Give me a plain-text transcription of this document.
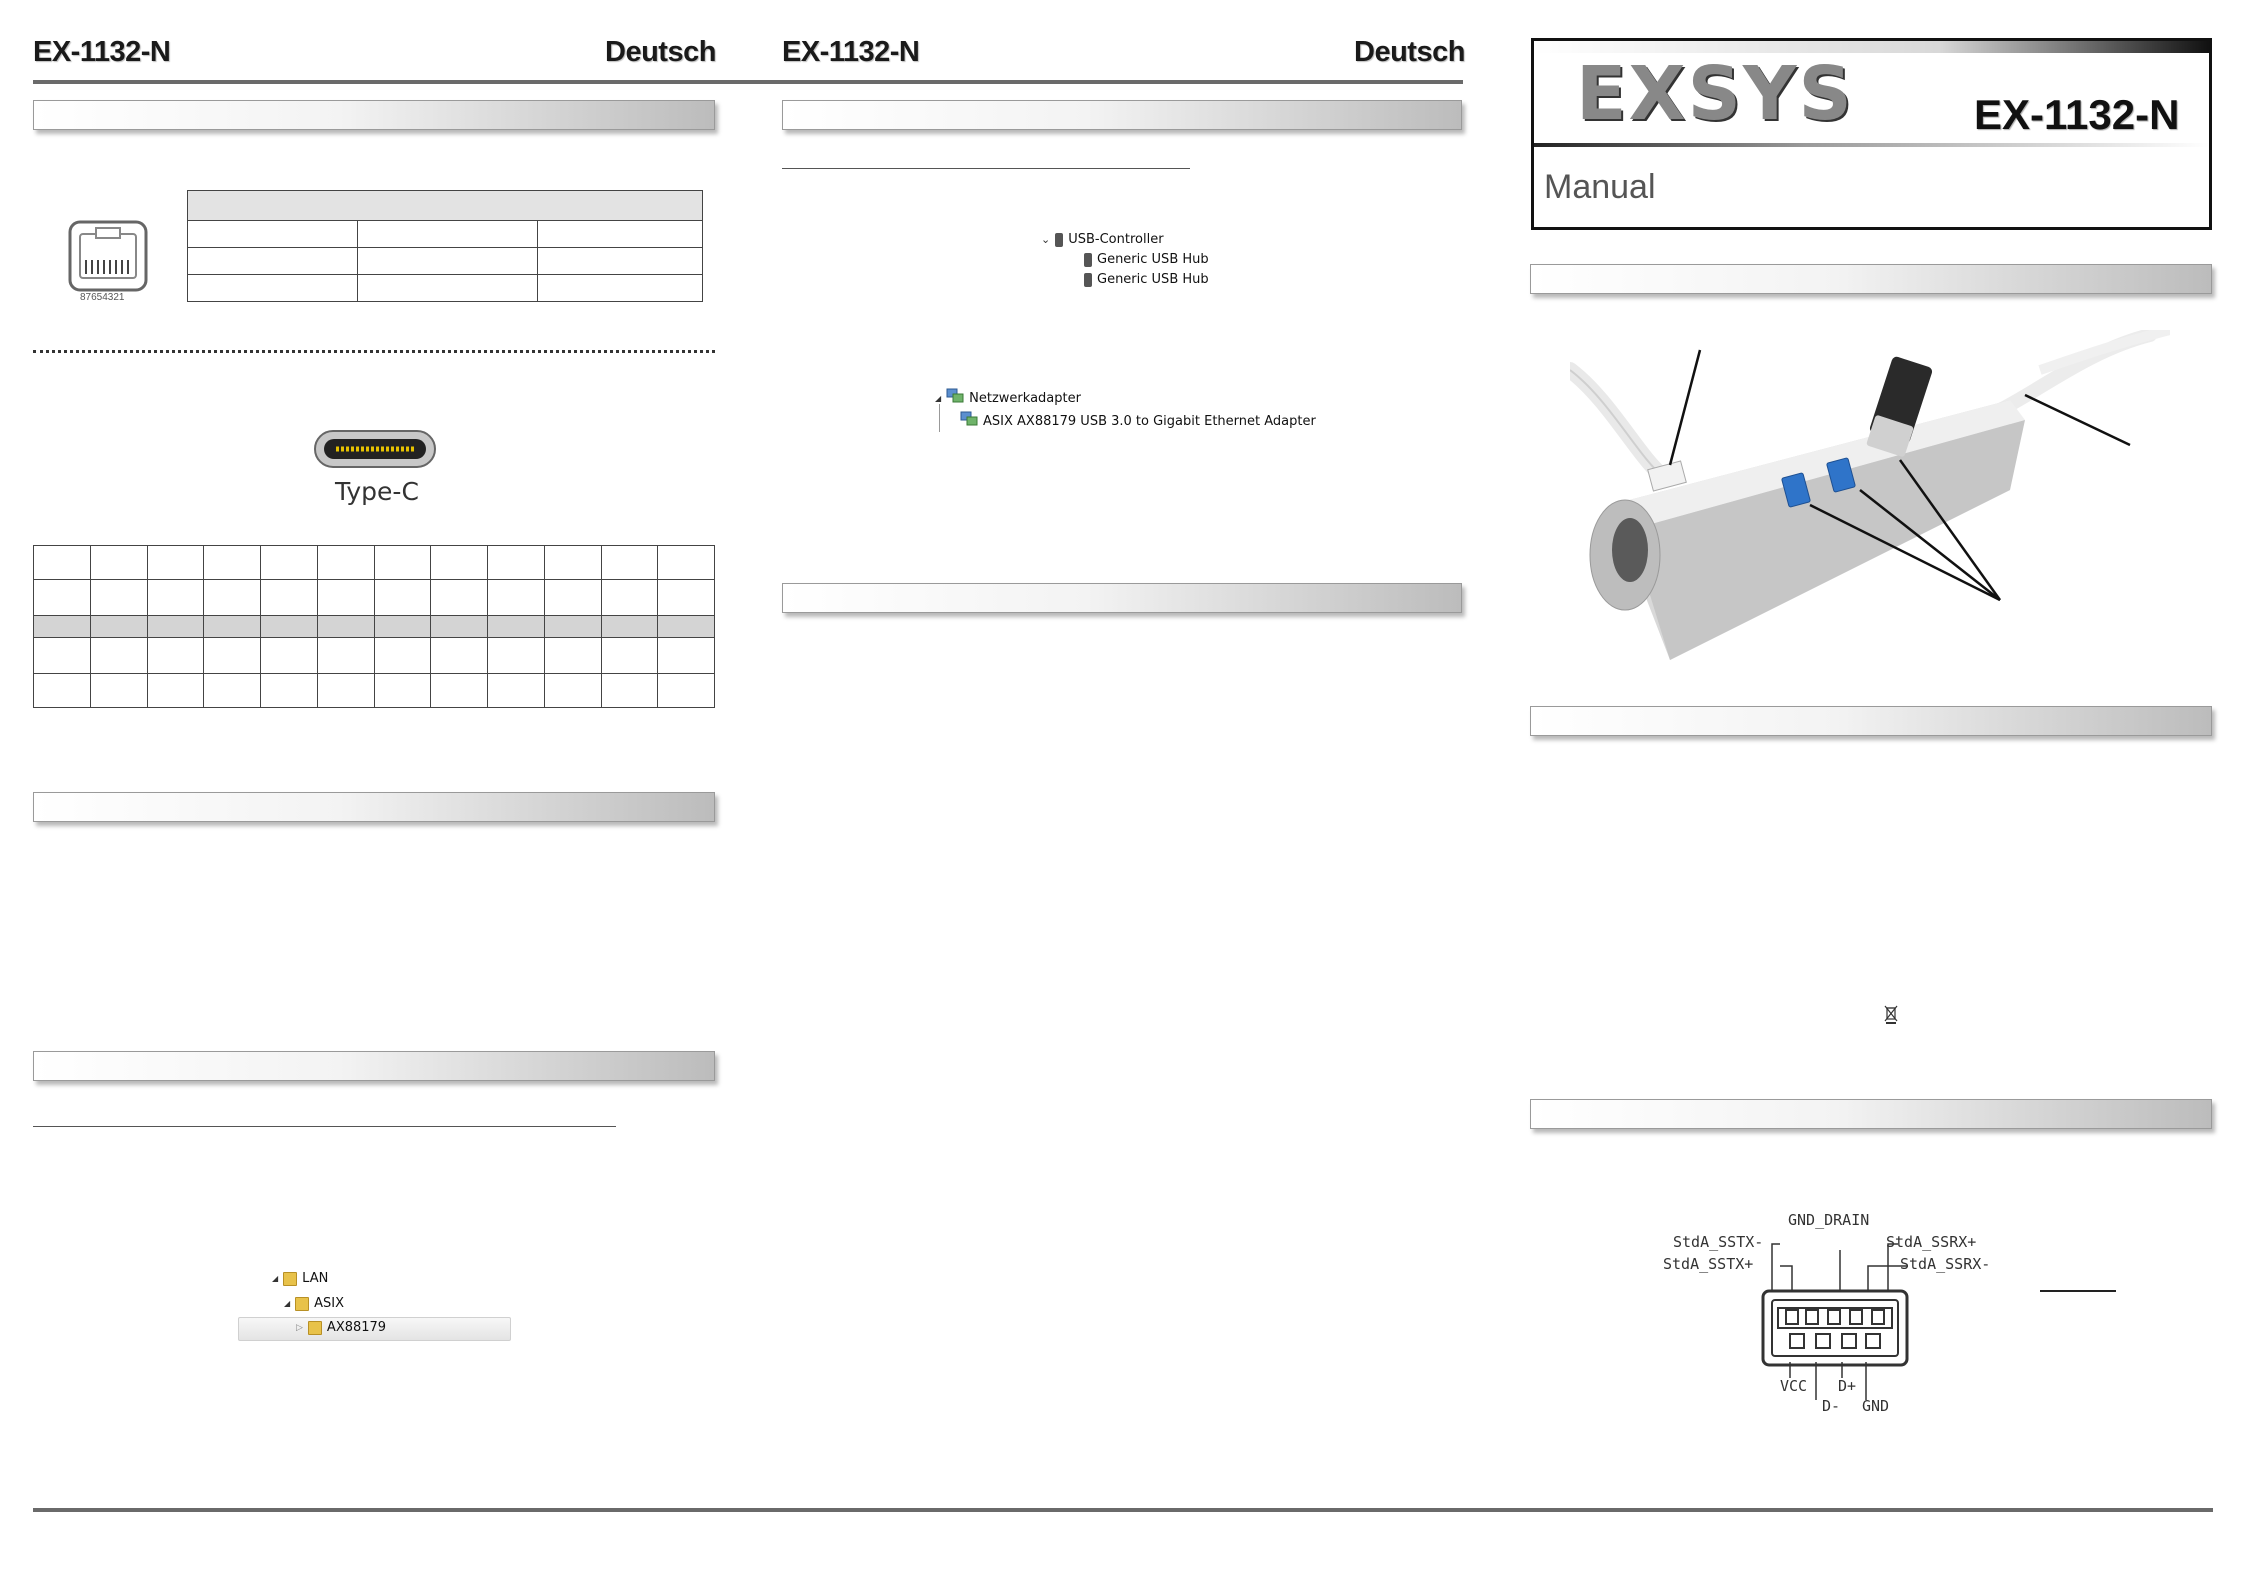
EX-1132-N	Deutsch
87654321

Type-C

◢ LAN
◢ ASIX
▷ AX88179
EX-1132-N	Deutsch
⌄ USB-Controller
Generic USB Hub
Generic USB Hub
◢ Netzwerkadapter
ASIX AX88179 USB 3.0 to Gigabit Ethernet Adapter
EXSYS	EX-1132-N
Manual
GND_DRAIN
StdA_SSTX-
StdA_SSTX+
StdA_SSRX+
StdA_SSRX-
VCC D+
D- GND
